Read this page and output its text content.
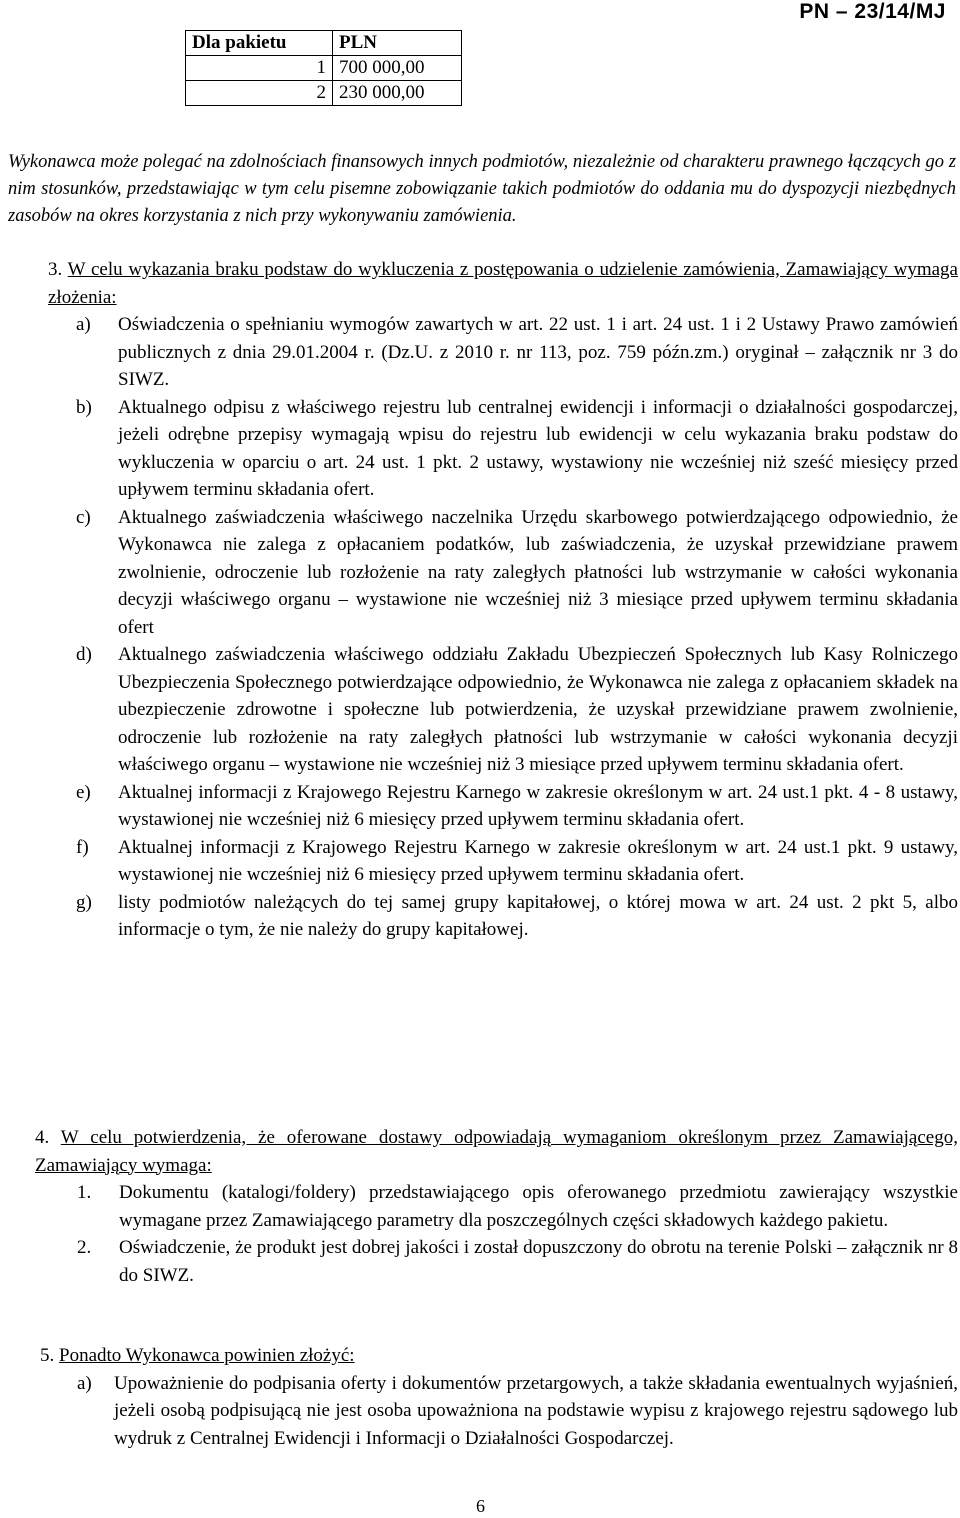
PN – 23/14/MJ
Dla pakietu	PLN
1	700 000,00
2	230 000,00

Wykonawca może polegać na zdolnościach finansowych innych podmiotów, niezależnie od charakteru prawnego łączących go z nim stosunków, przedstawiając w tym celu pisemne zobowiązanie takich podmiotów do oddania mu do dyspozycji niezbędnych zasobów na okres korzystania z nich przy wykonywaniu zamówienia.

3. W celu wykazania braku podstaw do wykluczenia z postępowania o udzielenie zamówienia, Zamawiający wymaga złożenia:

a) Oświadczenia o spełnianiu wymogów zawartych w art. 22 ust. 1 i art. 24 ust. 1 i 2 Ustawy Prawo zamówień publicznych z dnia 29.01.2004 r. (Dz.U. z 2010 r. nr 113, poz. 759 późn.zm.) oryginał – załącznik nr 3 do SIWZ.

b) Aktualnego odpisu z właściwego rejestru lub centralnej ewidencji i informacji o działalności gospodarczej, jeżeli odrębne przepisy wymagają wpisu do rejestru lub ewidencji w celu wykazania braku podstaw do wykluczenia w oparciu o art. 24 ust. 1 pkt. 2 ustawy, wystawiony nie wcześniej niż sześć miesięcy przed upływem terminu składania ofert.

c) Aktualnego zaświadczenia właściwego naczelnika Urzędu skarbowego potwierdzającego odpowiednio, że Wykonawca nie zalega z opłacaniem podatków, lub zaświadczenia, że uzyskał przewidziane prawem zwolnienie, odroczenie lub rozłożenie na raty zaległych płatności lub wstrzymanie w całości wykonania decyzji właściwego organu – wystawione nie wcześniej niż 3 miesiące przed upływem terminu składania ofert

d) Aktualnego zaświadczenia właściwego oddziału Zakładu Ubezpieczeń Społecznych lub Kasy Rolniczego Ubezpieczenia Społecznego potwierdzające odpowiednio, że Wykonawca nie zalega z opłacaniem składek na ubezpieczenie zdrowotne i społeczne lub potwierdzenia, że uzyskał przewidziane prawem zwolnienie, odroczenie lub rozłożenie na raty zaległych płatności lub wstrzymanie w całości wykonania decyzji właściwego organu – wystawione nie wcześniej niż 3 miesiące przed upływem terminu składania ofert.

e) Aktualnej informacji z Krajowego Rejestru Karnego w zakresie określonym w art. 24 ust.1 pkt. 4 - 8 ustawy, wystawionej nie wcześniej niż 6 miesięcy przed upływem terminu składania ofert.

f) Aktualnej informacji z Krajowego Rejestru Karnego w zakresie określonym w art. 24 ust.1 pkt. 9 ustawy, wystawionej nie wcześniej niż 6 miesięcy przed upływem terminu składania ofert.

g) listy podmiotów należących do tej samej grupy kapitałowej, o której mowa w art. 24 ust. 2 pkt 5, albo informacje o tym, że nie należy do grupy kapitałowej.

4. W celu potwierdzenia, że oferowane dostawy odpowiadają wymaganiom określonym przez Zamawiającego, Zamawiający wymaga:

1. Dokumentu (katalogi/foldery) przedstawiającego opis oferowanego przedmiotu zawierający wszystkie wymagane przez Zamawiającego parametry dla poszczególnych części składowych każdego pakietu.

2. Oświadczenie, że produkt jest dobrej jakości i został dopuszczony do obrotu na terenie Polski – załącznik nr 8 do SIWZ.

5. Ponadto Wykonawca powinien złożyć:

a) Upoważnienie do podpisania oferty i dokumentów przetargowych, a także składania ewentualnych wyjaśnień, jeżeli osobą podpisującą nie jest osoba upoważniona na podstawie wypisu z krajowego rejestru sądowego lub wydruk z Centralnej Ewidencji i Informacji o Działalności Gospodarczej.

6
